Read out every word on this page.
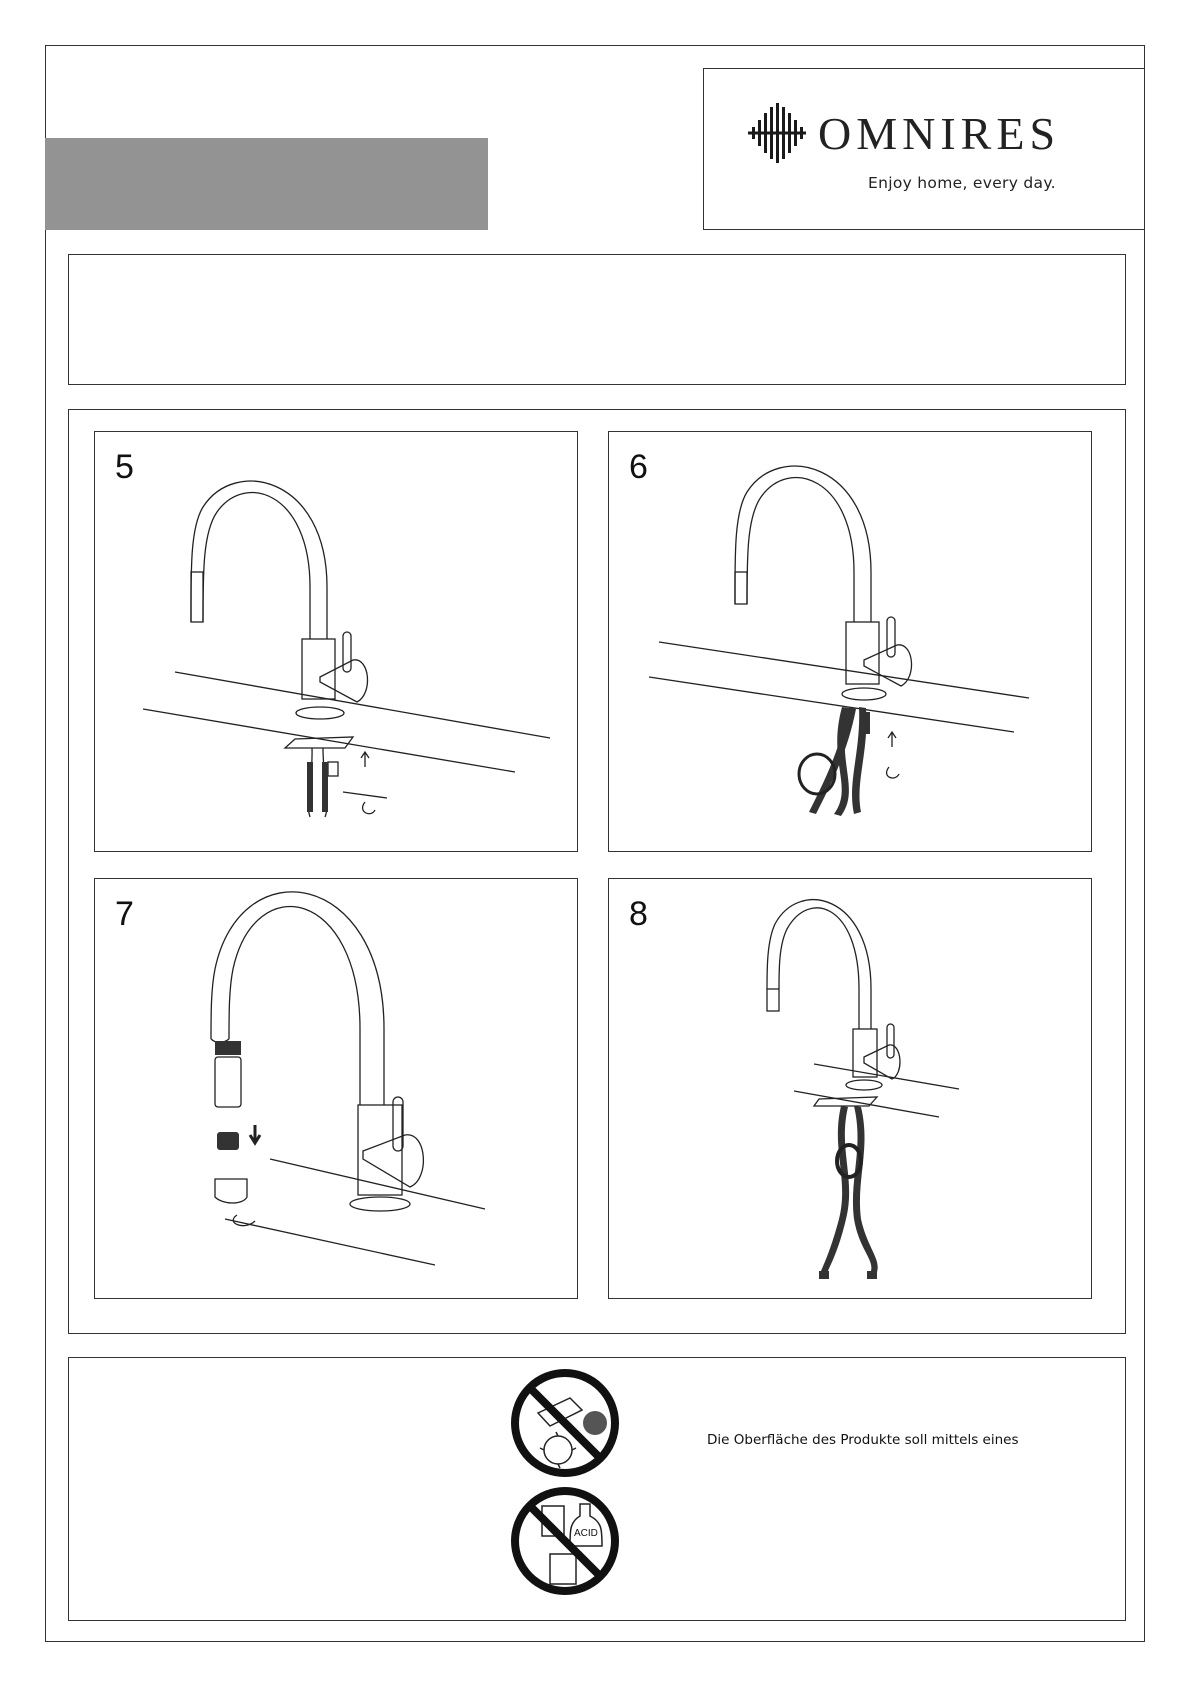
OMNIRES
Enjoy home, every day.
5	6
7	8
ACID
Die Oberfläche des Produkte soll mittels eines
